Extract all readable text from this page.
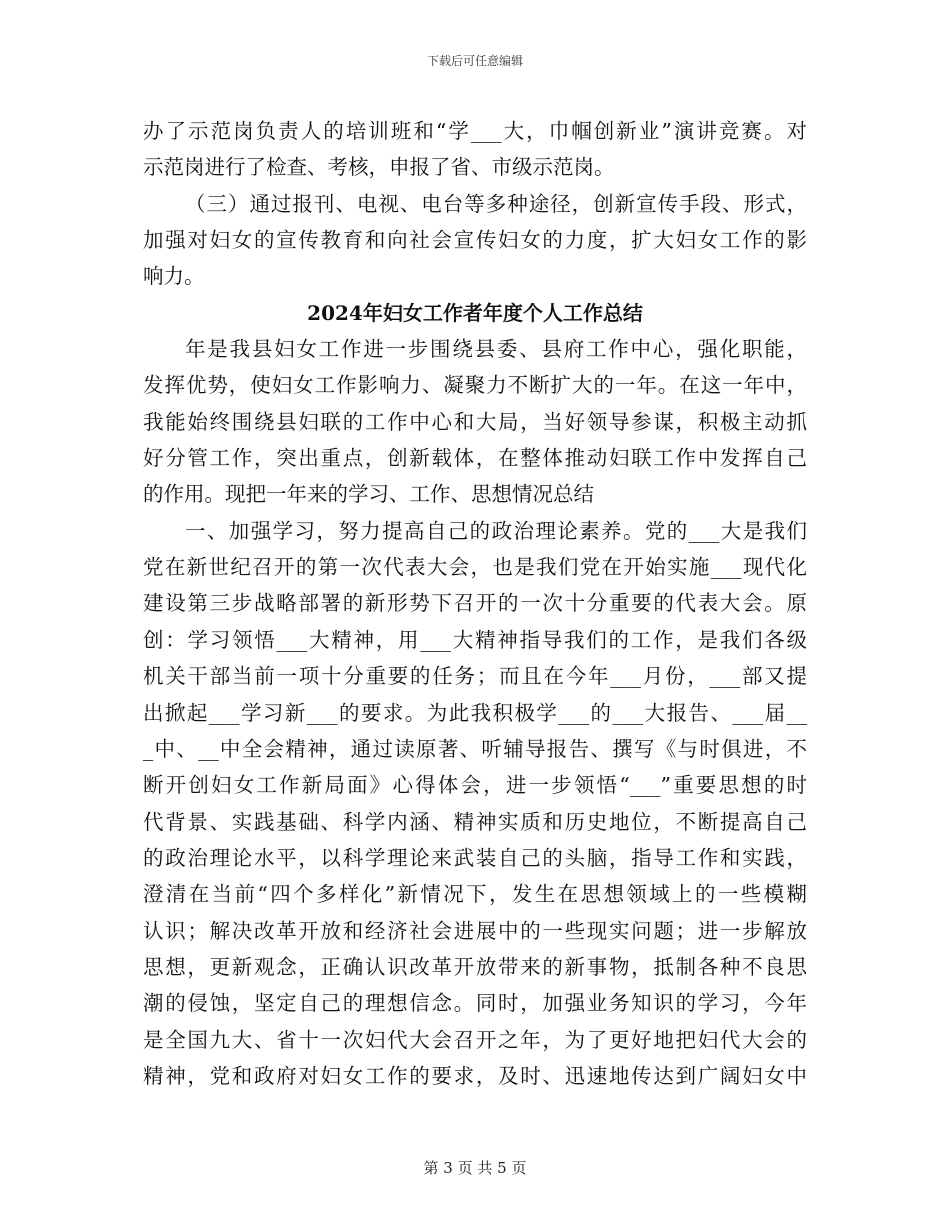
下载后可任意编辑
办了示范岗负责人的培训班和“学___大，巾帼创新业”演讲竞赛。对
示范岗进行了检查、考核，申报了省、市级示范岗。
（三）通过报刊、电视、电台等多种途径，创新宣传手段、形式，
加强对妇女的宣传教育和向社会宣传妇女的力度，扩大妇女工作的影
响力。
2024年妇女工作者年度个人工作总结
年是我县妇女工作进一步围绕县委、县府工作中心，强化职能，
发挥优势，使妇女工作影响力、凝聚力不断扩大的一年。在这一年中，
我能始终围绕县妇联的工作中心和大局，当好领导参谋，积极主动抓
好分管工作，突出重点，创新载体，在整体推动妇联工作中发挥自己
的作用。现把一年来的学习、工作、思想情况总结
一、加强学习，努力提高自己的政治理论素养。党的___大是我们
党在新世纪召开的第一次代表大会，也是我们党在开始实施___现代化
建设第三步战略部署的新形势下召开的一次十分重要的代表大会。原
创：学习领悟___大精神，用___大精神指导我们的工作，是我们各级
机关干部当前一项十分重要的任务；而且在今年___月份，___部又提
出掀起___学习新___的要求。为此我积极学___的___大报告、___届__
_中、__中全会精神，通过读原著、听辅导报告、撰写《与时俱进，不
断开创妇女工作新局面》心得体会，进一步领悟“___”重要思想的时
代背景、实践基础、科学内涵、精神实质和历史地位，不断提高自己
的政治理论水平，以科学理论来武装自己的头脑，指导工作和实践，
澄清在当前“四个多样化”新情况下，发生在思想领域上的一些模糊
认识；解决改革开放和经济社会进展中的一些现实问题；进一步解放
思想，更新观念，正确认识改革开放带来的新事物，抵制各种不良思
潮的侵蚀，坚定自己的理想信念。同时，加强业务知识的学习，今年
是全国九大、省十一次妇代大会召开之年，为了更好地把妇代大会的
精神，党和政府对妇女工作的要求，及时、迅速地传达到广阔妇女中
第 3 页 共 5 页
